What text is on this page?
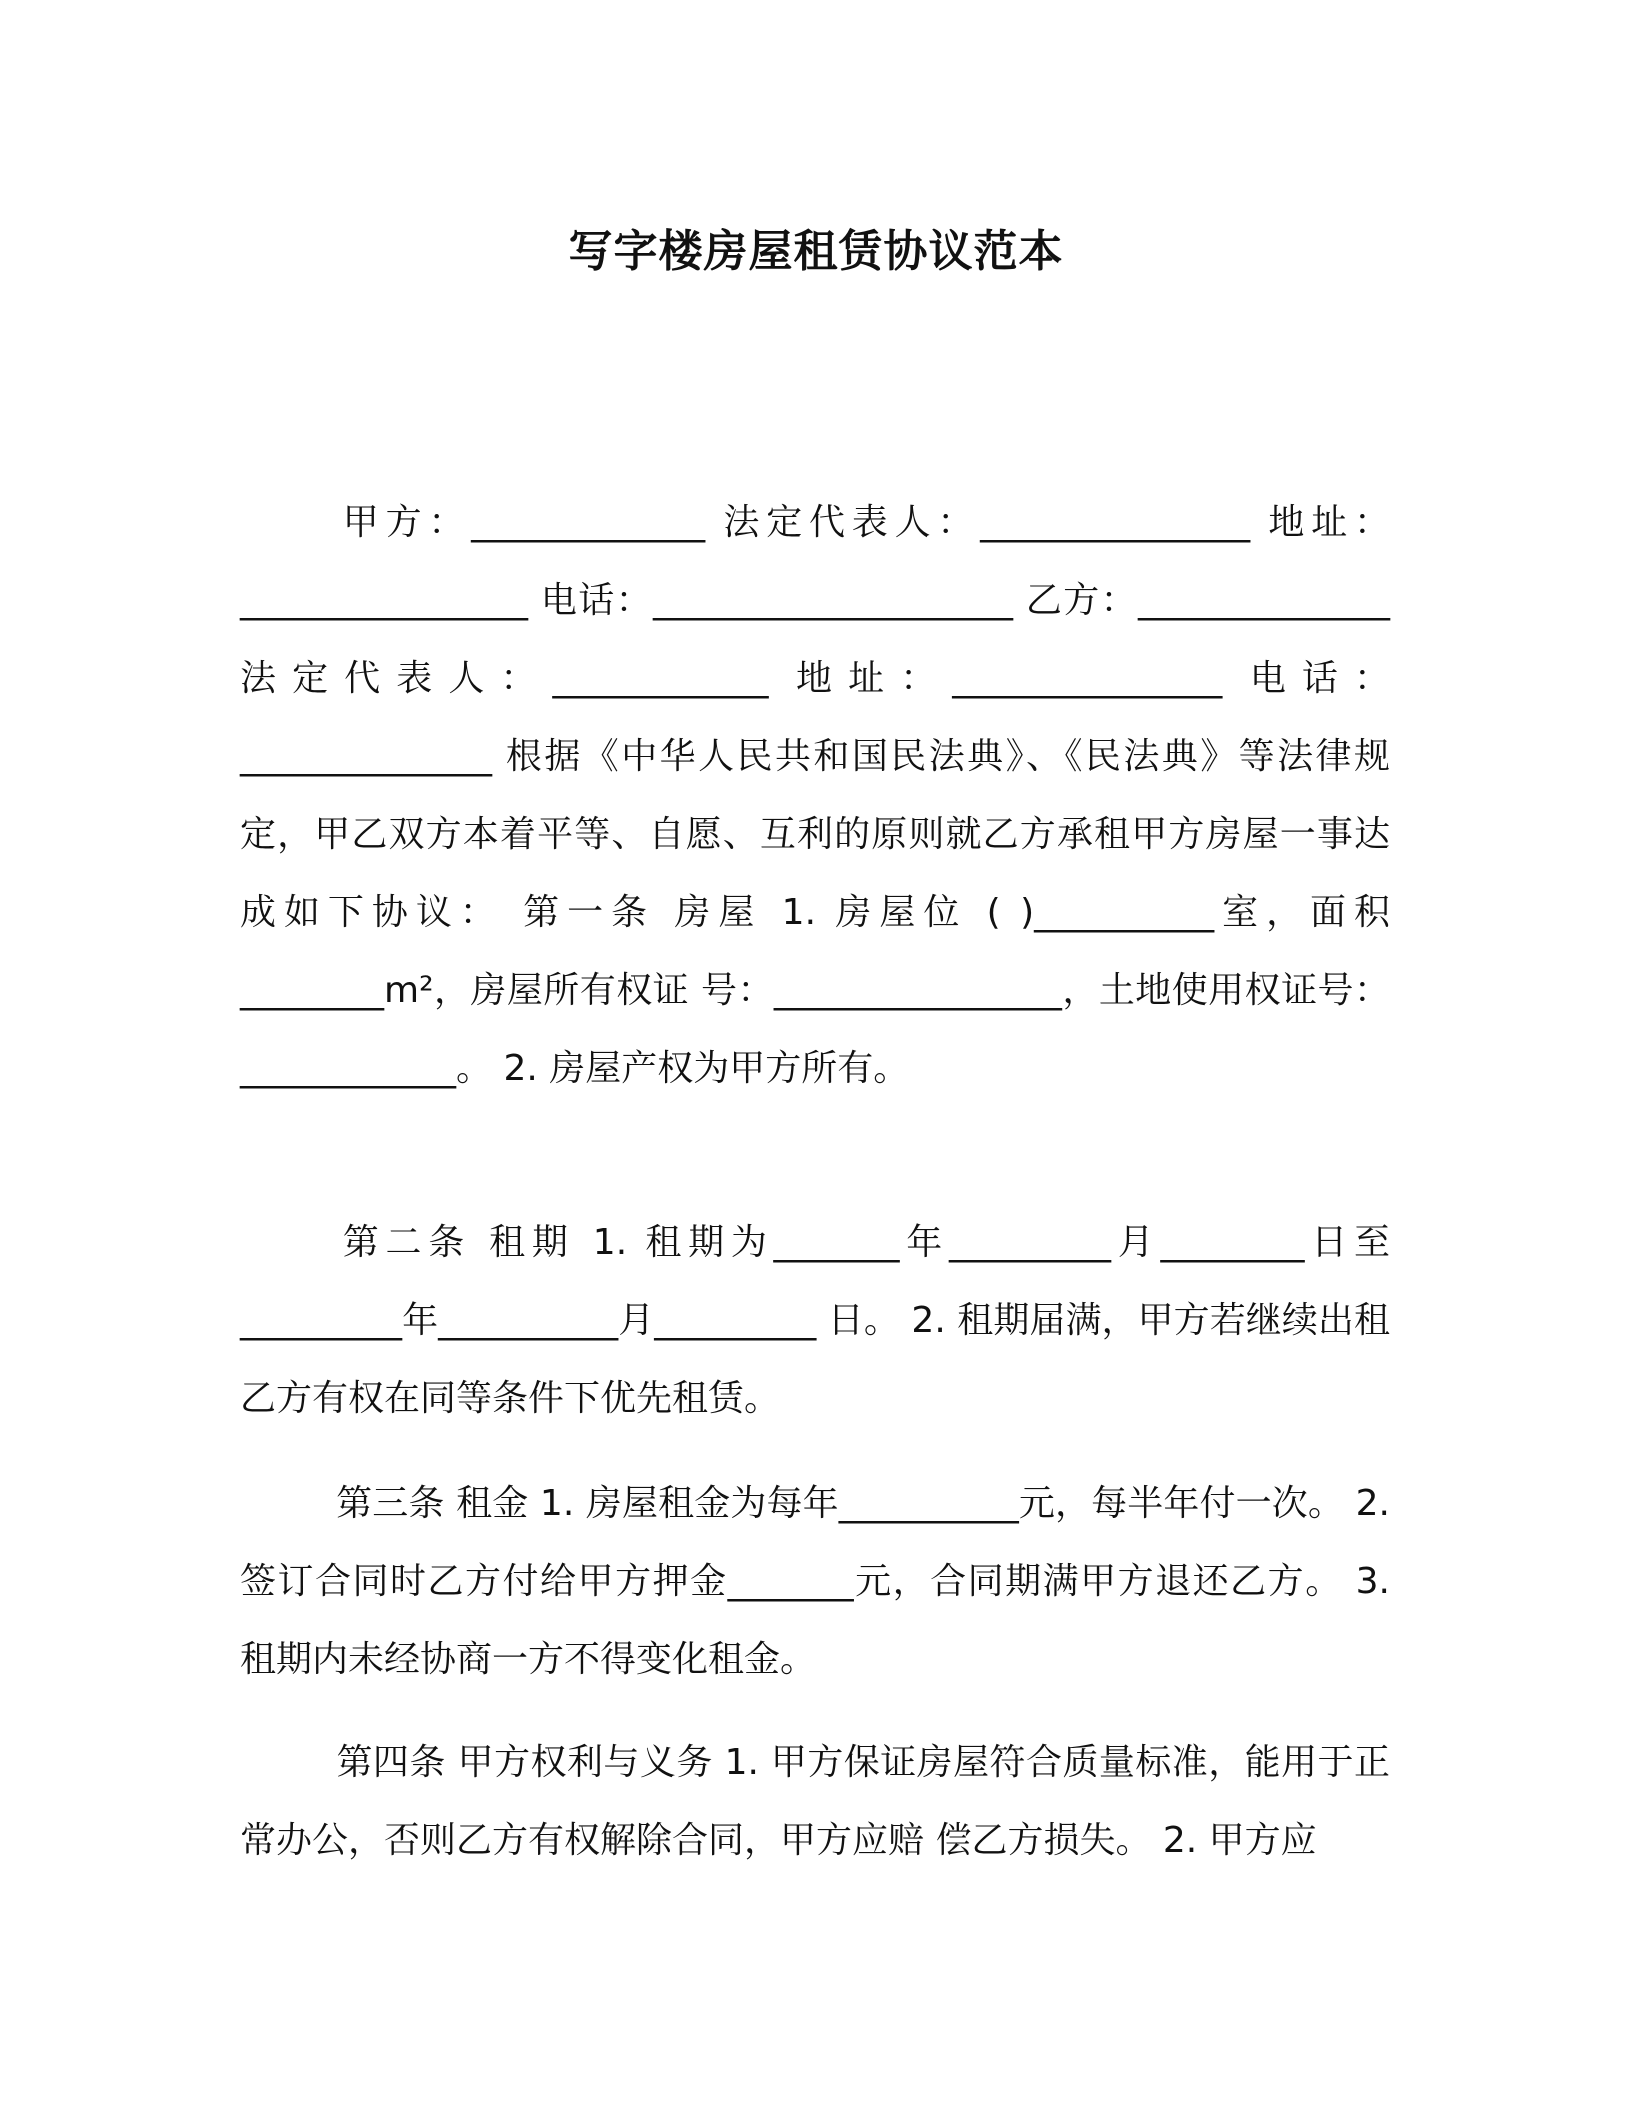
写字楼房屋租赁协议范本

甲方：_____________ 法定代表人：_______________ 地址：________________ 电话：____________________ 乙方：______________ 法定代表人：____________ 地址：_______________ 电话：______________ 根据《中华人民共和国民法典》、《民法典》等法律规定，甲乙双方本着平等、自愿、互利的原则就乙方承租甲方房屋一事达成如下协议： 第一条 房屋 1. 房屋位 ( )__________室，面积________m²，房屋所有权证 号：________________，土地使用权证号：____________。 2. 房屋产权为甲方所有。

第二条 租期 1. 租期为_______年_________月________日至_________年__________月_________ 日。 2. 租期届满，甲方若继续出租乙方有权在同等条件下优先租赁。

第三条 租金 1. 房屋租金为每年__________元，每半年付一次。 2. 签订合同时乙方付给甲方押金_______元，合同期满甲方退还乙方。 3. 租期内未经协商一方不得变化租金。

第四条 甲方权利与义务 1. 甲方保证房屋符合质量标准，能用于正常办公，否则乙方有权解除合同，甲方应赔 偿乙方损失。 2. 甲方应
